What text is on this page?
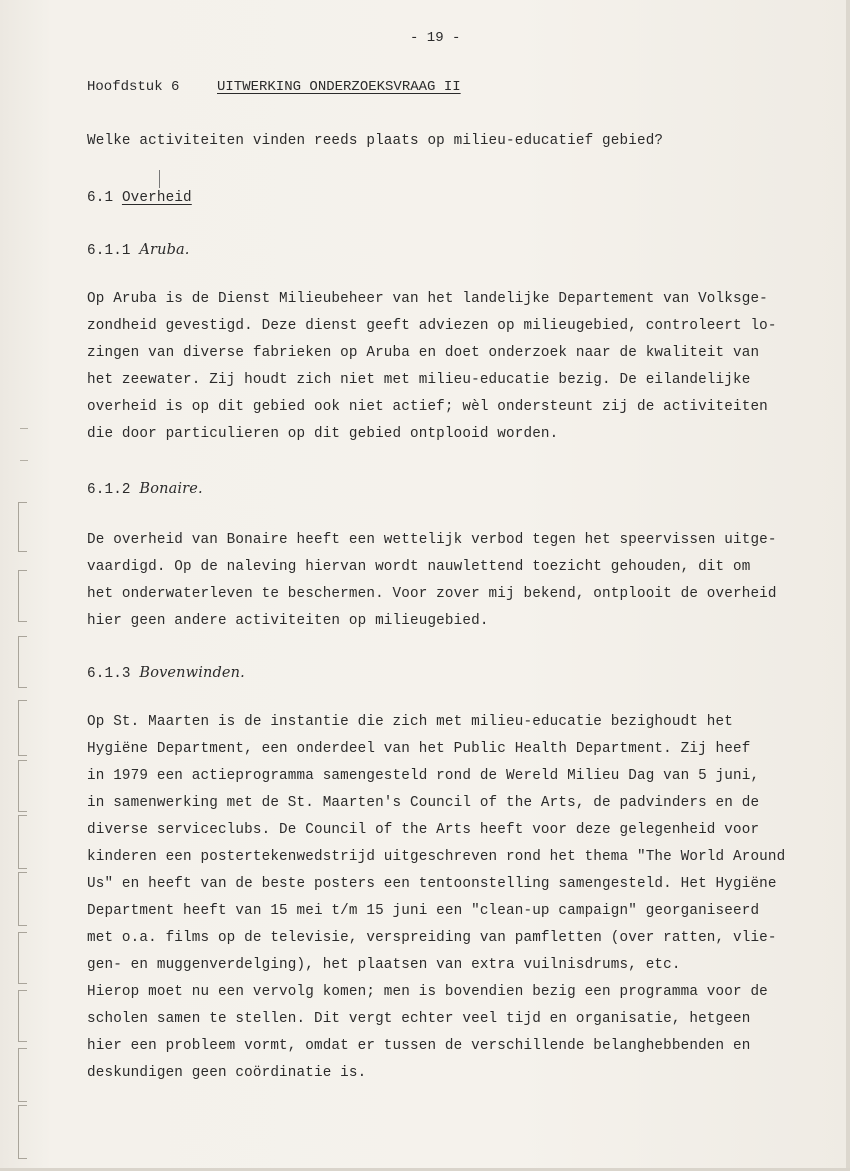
- 19 -
Hoofdstuk 6	UITWERKING ONDERZOEKSVRAAG II
Welke activiteiten vinden reeds plaats op milieu-educatief gebied?
6.1 Overheid
6.1.1 Aruba.
Op Aruba is de Dienst Milieubeheer van het landelijke Departement van Volksge-
zondheid gevestigd. Deze dienst geeft adviezen op milieugebied, controleert lo-
zingen van diverse fabrieken op Aruba en doet onderzoek naar de kwaliteit van
het zeewater. Zij houdt zich niet met milieu-educatie bezig. De eilandelijke
overheid is op dit gebied ook niet actief; wèl ondersteunt zij de activiteiten
die door particulieren op dit gebied ontplooid worden.
6.1.2 Bonaire.
De overheid van Bonaire heeft een wettelijk verbod tegen het speervissen uitge-
vaardigd. Op de naleving hiervan wordt nauwlettend toezicht gehouden, dit om
het onderwaterleven te beschermen. Voor zover mij bekend, ontplooit de overheid
hier geen andere activiteiten op milieugebied.
6.1.3 Bovenwinden.
Op St. Maarten is de instantie die zich met milieu-educatie bezighoudt het
Hygiëne Department, een onderdeel van het Public Health Department. Zij heef
in 1979 een actieprogramma samengesteld rond de Wereld Milieu Dag van 5 juni,
in samenwerking met de St. Maarten's Council of the Arts, de padvinders en de
diverse serviceclubs. De Council of the Arts heeft voor deze gelegenheid voor
kinderen een postertekenwedstrijd uitgeschreven rond het thema "The World Around
Us" en heeft van de beste posters een tentoonstelling samengesteld. Het Hygiëne
Department heeft van 15 mei t/m 15 juni een "clean-up campaign" georganiseerd
met o.a. films op de televisie, verspreiding van pamfletten (over ratten, vlie-
gen- en muggenverdelging), het plaatsen van extra vuilnisdrums, etc.
Hierop moet nu een vervolg komen; men is bovendien bezig een programma voor de
scholen samen te stellen. Dit vergt echter veel tijd en organisatie, hetgeen
hier een probleem vormt, omdat er tussen de verschillende belanghebbenden en
deskundigen geen coördinatie is.
